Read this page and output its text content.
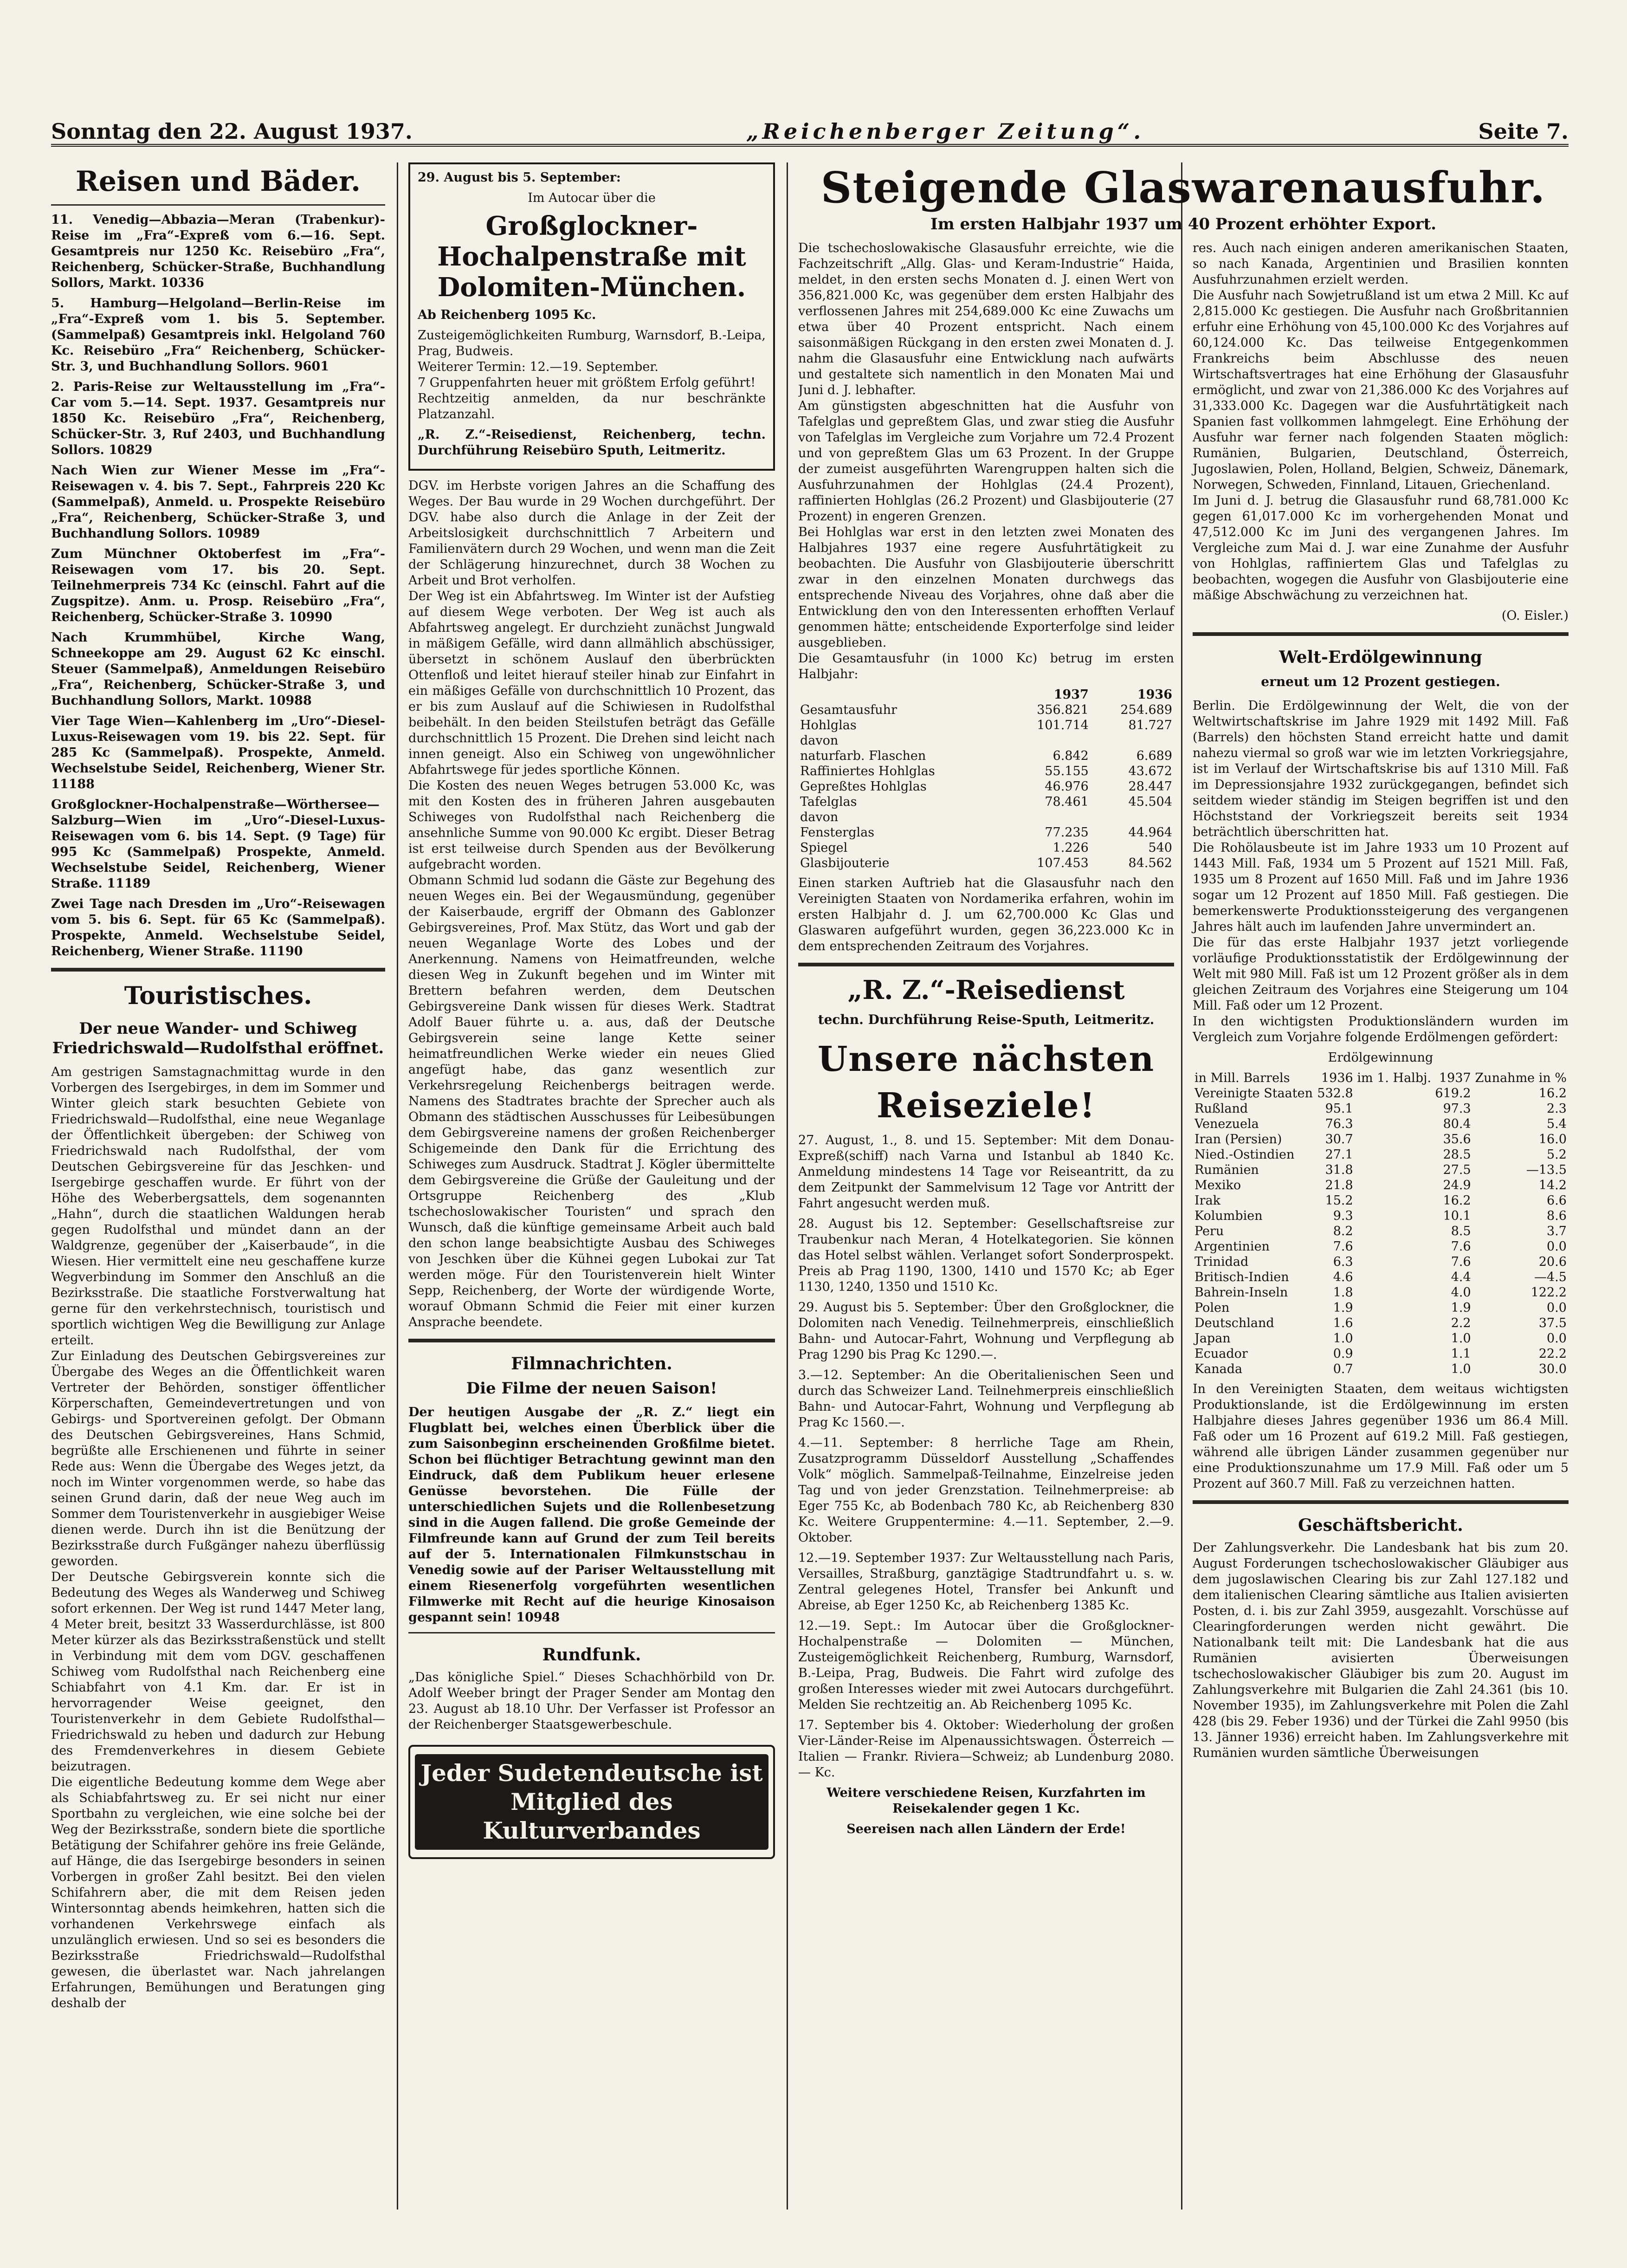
Sonntag den 22. August 1937.	„Reichenberger Zeitung“.	Seite 7.
Reisen und Bäder.

11. Venedig—Abbazia—Meran (Trabenkur)-Reise im „Fra“-Expreß vom 6.—16. Sept. Gesamtpreis nur 1250 Kc. Reisebüro „Fra“, Reichenberg, Schücker-Straße, Buchhandlung Sollors, Markt. 10336

5. Hamburg—Helgoland—Berlin-Reise im „Fra“-Expreß vom 1. bis 5. September. (Sammelpaß) Gesamtpreis inkl. Helgoland 760 Kc. Reisebüro „Fra“ Reichenberg, Schücker-Str. 3, und Buchhandlung Sollors. 9601

2. Paris-Reise zur Weltausstellung im „Fra“-Car vom 5.—14. Sept. 1937. Gesamtpreis nur 1850 Kc. Reisebüro „Fra“, Reichenberg, Schücker-Str. 3, Ruf 2403, und Buchhandlung Sollors. 10829

Nach Wien zur Wiener Messe im „Fra“-Reisewagen v. 4. bis 7. Sept., Fahrpreis 220 Kc (Sammelpaß), Anmeld. u. Prospekte Reisebüro „Fra“, Reichenberg, Schücker-Straße 3, und Buchhandlung Sollors. 10989

Zum Münchner Oktoberfest im „Fra“-Reisewagen vom 17. bis 20. Sept. Teilnehmerpreis 734 Kc (einschl. Fahrt auf die Zugspitze). Anm. u. Prosp. Reisebüro „Fra“, Reichenberg, Schücker-Straße 3. 10990

Nach Krummhübel, Kirche Wang, Schneekoppe am 29. August 62 Kc einschl. Steuer (Sammelpaß), Anmeldungen Reisebüro „Fra“, Reichenberg, Schücker-Straße 3, und Buchhandlung Sollors, Markt. 10988

Vier Tage Wien—Kahlenberg im „Uro“-Diesel-Luxus-Reisewagen vom 19. bis 22. Sept. für 285 Kc (Sammelpaß). Prospekte, Anmeld. Wechselstube Seidel, Reichenberg, Wiener Str. 11188

Großglockner-Hochalpenstraße—Wörthersee—Salzburg—Wien im „Uro“-Diesel-Luxus-Reisewagen vom 6. bis 14. Sept. (9 Tage) für 995 Kc (Sammelpaß) Prospekte, Anmeld. Wechselstube Seidel, Reichenberg, Wiener Straße. 11189

Zwei Tage nach Dresden im „Uro“-Reisewagen vom 5. bis 6. Sept. für 65 Kc (Sammelpaß). Prospekte, Anmeld. Wechselstube Seidel, Reichenberg, Wiener Straße. 11190

Touristisches.
Der neue Wander- und Schiweg Friedrichswald—Rudolfsthal eröffnet.

Am gestrigen Samstagnachmittag wurde in den Vorbergen des Isergebirges, in dem im Sommer und Winter gleich stark besuchten Gebiete von Friedrichswald—Rudolfsthal, eine neue Weganlage der Öffentlichkeit übergeben: der Schiweg von Friedrichswald nach Rudolfsthal, der vom Deutschen Gebirgsvereine für das Jeschken- und Isergebirge geschaffen wurde. Er führt von der Höhe des Weberbergsattels, dem sogenannten „Hahn“, durch die staatlichen Waldungen herab gegen Rudolfsthal und mündet dann an der Waldgrenze, gegenüber der „Kaiserbaude“, in die Wiesen. Hier vermittelt eine neu geschaffene kurze Wegverbindung im Sommer den Anschluß an die Bezirksstraße. Die staatliche Forstverwaltung hat gerne für den verkehrstechnisch, touristisch und sportlich wichtigen Weg die Bewilligung zur Anlage erteilt.
Zur Einladung des Deutschen Gebirgsvereines zur Übergabe des Weges an die Öffentlichkeit waren Vertreter der Behörden, sonstiger öffentlicher Körperschaften, Gemeindevertretungen und von Gebirgs- und Sportvereinen gefolgt. Der Obmann des Deutschen Gebirgsvereines, Hans Schmid, begrüßte alle Erschienenen und führte in seiner Rede aus: Wenn die Übergabe des Weges jetzt, da noch im Winter vorgenommen werde, so habe das seinen Grund darin, daß der neue Weg auch im Sommer dem Touristenverkehr in ausgiebiger Weise dienen werde. Durch ihn ist die Benützung der Bezirksstraße durch Fußgänger nahezu überflüssig geworden.
Der Deutsche Gebirgsverein konnte sich die Bedeutung des Weges als Wanderweg und Schiweg sofort erkennen. Der Weg ist rund 1447 Meter lang, 4 Meter breit, besitzt 33 Wasserdurchlässe, ist 800 Meter kürzer als das Bezirksstraßenstück und stellt in Verbindung mit dem vom DGV. geschaffenen Schiweg vom Rudolfsthal nach Reichenberg eine Schiabfahrt von 4.1 Km. dar. Er ist in hervorragender Weise geeignet, den Touristenverkehr in dem Gebiete Rudolfsthal—Friedrichswald zu heben und dadurch zur Hebung des Fremdenverkehres in diesem Gebiete beizutragen.
Die eigentliche Bedeutung komme dem Wege aber als Schiabfahrtsweg zu. Er sei nicht nur einer Sportbahn zu vergleichen, wie eine solche bei der Weg der Bezirksstraße, sondern biete die sportliche Betätigung der Schifahrer gehöre ins freie Gelände, auf Hänge, die das Isergebirge besonders in seinen Vorbergen in großer Zahl besitzt. Bei den vielen Schifahrern aber, die mit dem Reisen jeden Wintersonntag abends heimkehren, hatten sich die vorhandenen Verkehrswege einfach als unzulänglich erwiesen. Und so sei es besonders die Bezirksstraße Friedrichswald—Rudolfsthal gewesen, die überlastet war. Nach jahrelangen Erfahrungen, Bemühungen und Beratungen ging deshalb der

29. August bis 5. September:
Im Autocar über die
Großglockner-Hochalpenstraße mit Dolomiten-München.
Ab Reichenberg 1095 Kc.

Zusteigemöglichkeiten Rumburg, Warnsdorf, B.-Leipa, Prag, Budweis.
Weiterer Termin: 12.—19. September.
7 Gruppenfahrten heuer mit größtem Erfolg geführt!
Rechtzeitig anmelden, da nur beschränkte Platzanzahl.

„R. Z.“-Reisedienst, Reichenberg, techn. Durchführung Reisebüro Sputh, Leitmeritz.

DGV. im Herbste vorigen Jahres an die Schaffung des Weges. Der Bau wurde in 29 Wochen durchgeführt. Der DGV. habe also durch die Anlage in der Zeit der Arbeitslosigkeit durchschnittlich 7 Arbeitern und Familienvätern durch 29 Wochen, und wenn man die Zeit der Schlägerung hinzurechnet, durch 38 Wochen zu Arbeit und Brot verholfen.
Der Weg ist ein Abfahrtsweg. Im Winter ist der Aufstieg auf diesem Wege verboten. Der Weg ist auch als Abfahrtsweg angelegt. Er durchzieht zunächst Jungwald in mäßigem Gefälle, wird dann allmählich abschüssiger, übersetzt in schönem Auslauf den überbrückten Ottenfloß und leitet hierauf steiler hinab zur Einfahrt in ein mäßiges Gefälle von durchschnittlich 10 Prozent, das er bis zum Auslauf auf die Schiwiesen in Rudolfsthal beibehält. In den beiden Steilstufen beträgt das Gefälle durchschnittlich 15 Prozent. Die Drehen sind leicht nach innen geneigt. Also ein Schiweg von ungewöhnlicher Abfahrtswege für jedes sportliche Können.
Die Kosten des neuen Weges betrugen 53.000 Kc, was mit den Kosten des in früheren Jahren ausgebauten Schiweges von Rudolfsthal nach Reichenberg die ansehnliche Summe von 90.000 Kc ergibt. Dieser Betrag ist erst teilweise durch Spenden aus der Bevölkerung aufgebracht worden.
Obmann Schmid lud sodann die Gäste zur Begehung des neuen Weges ein. Bei der Wegausmündung, gegenüber der Kaiserbaude, ergriff der Obmann des Gablonzer Gebirgsvereines, Prof. Max Stütz, das Wort und gab der neuen Weganlage Worte des Lobes und der Anerkennung. Namens von Heimatfreunden, welche diesen Weg in Zukunft begehen und im Winter mit Brettern befahren werden, dem Deutschen Gebirgsvereine Dank wissen für dieses Werk. Stadtrat Adolf Bauer führte u. a. aus, daß der Deutsche Gebirgsverein seine lange Kette seiner heimatfreundlichen Werke wieder ein neues Glied angefügt habe, das ganz wesentlich zur Verkehrsregelung Reichenbergs beitragen werde. Namens des Stadtrates brachte der Sprecher auch als Obmann des städtischen Ausschusses für Leibesübungen dem Gebirgsvereine namens der großen Reichenberger Schigemeinde den Dank für die Errichtung des Schiweges zum Ausdruck. Stadtrat J. Kögler übermittelte dem Gebirgsvereine die Grüße der Gauleitung und der Ortsgruppe Reichenberg des „Klub tschechoslowakischer Touristen“ und sprach den Wunsch, daß die künftige gemeinsame Arbeit auch bald den schon lange beabsichtigte Ausbau des Schiweges von Jeschken über die Kühnei gegen Lubokai zur Tat werden möge. Für den Touristenverein hielt Winter Sepp, Reichenberg, der Worte der würdigende Worte, worauf Obmann Schmid die Feier mit einer kurzen Ansprache beendete.

Filmnachrichten.
Die Filme der neuen Saison!

Der heutigen Ausgabe der „R. Z.“ liegt ein Flugblatt bei, welches einen Überblick über die zum Saisonbeginn erscheinenden Großfilme bietet. Schon bei flüchtiger Betrachtung gewinnt man den Eindruck, daß dem Publikum heuer erlesene Genüsse bevorstehen. Die Fülle der unterschiedlichen Sujets und die Rollenbesetzung sind in die Augen fallend. Die große Gemeinde der Filmfreunde kann auf Grund der zum Teil bereits auf der 5. Internationalen Filmkunstschau in Venedig sowie auf der Pariser Weltausstellung mit einem Riesenerfolg vorgeführten wesentlichen Filmwerke mit Recht auf die heurige Kinosaison gespannt sein! 10948

Rundfunk.

„Das königliche Spiel.“ Dieses Schachhörbild von Dr. Adolf Weeber bringt der Prager Sender am Montag den 23. August ab 18.10 Uhr. Der Verfasser ist Professor an der Reichenberger Staatsgewerbeschule.

Jeder Sudetendeutsche ist Mitglied des Kulturverbandes
Steigende Glaswarenausfuhr.
Im ersten Halbjahr 1937 um 40 Prozent erhöhter Export.

Die tschechoslowakische Glasausfuhr erreichte, wie die Fachzeitschrift „Allg. Glas- und Keram-Industrie“ Haida, meldet, in den ersten sechs Monaten d. J. einen Wert von 356,821.000 Kc, was gegenüber dem ersten Halbjahr des verflossenen Jahres mit 254,689.000 Kc eine Zuwachs um etwa über 40 Prozent entspricht. Nach einem saisonmäßigen Rückgang in den ersten zwei Monaten d. J. nahm die Glasausfuhr eine Entwicklung nach aufwärts und gestaltete sich namentlich in den Monaten Mai und Juni d. J. lebhafter.
Am günstigsten abgeschnitten hat die Ausfuhr von Tafelglas und gepreßtem Glas, und zwar stieg die Ausfuhr von Tafelglas im Vergleiche zum Vorjahre um 72.4 Prozent und von gepreßtem Glas um 63 Prozent. In der Gruppe der zumeist ausgeführten Warengruppen halten sich die Ausfuhrzunahmen der Hohlglas (24.4 Prozent), raffinierten Hohlglas (26.2 Prozent) und Glasbijouterie (27 Prozent) in engeren Grenzen.
Bei Hohlglas war erst in den letzten zwei Monaten des Halbjahres 1937 eine regere Ausfuhrtätigkeit zu beobachten. Die Ausfuhr von Glasbijouterie überschritt zwar in den einzelnen Monaten durchwegs das entsprechende Niveau des Vorjahres, ohne daß aber die Entwicklung den von den Interessenten erhofften Verlauf genommen hätte; entscheidende Exporterfolge sind leider ausgeblieben.
Die Gesamtausfuhr (in 1000 Kc) betrug im ersten Halbjahr:

	1937	1936
Gesamtausfuhr	356.821	254.689
Hohlglas	101.714	81.727
davon		
naturfarb. Flaschen	6.842	6.689
Raffiniertes Hohlglas	55.155	43.672
Gepreßtes Hohlglas	46.976	28.447
Tafelglas	78.461	45.504
davon		
Fensterglas	77.235	44.964
Spiegel	1.226	540
Glasbijouterie	107.453	84.562

Einen starken Auftrieb hat die Glasausfuhr nach den Vereinigten Staaten von Nordamerika erfahren, wohin im ersten Halbjahr d. J. um 62,700.000 Kc Glas und Glaswaren aufgeführt wurden, gegen 36,223.000 Kc in dem entsprechenden Zeitraum des Vorjahres.

„R. Z.“-Reisedienst
techn. Durchführung Reise-Sputh, Leitmeritz.
Unsere nächsten Reiseziele!

27. August, 1., 8. und 15. September: Mit dem Donau-Expreß(schiff) nach Varna und Istanbul ab 1840 Kc. Anmeldung mindestens 14 Tage vor Reiseantritt, da zu dem Zeitpunkt der Sammelvisum 12 Tage vor Antritt der Fahrt angesucht werden muß.

28. August bis 12. September: Gesellschaftsreise zur Traubenkur nach Meran, 4 Hotelkategorien. Sie können das Hotel selbst wählen. Verlanget sofort Sonderprospekt. Preis ab Prag 1190, 1300, 1410 und 1570 Kc; ab Eger 1130, 1240, 1350 und 1510 Kc.

29. August bis 5. September: Über den Großglockner, die Dolomiten nach Venedig. Teilnehmerpreis, einschließlich Bahn- und Autocar-Fahrt, Wohnung und Verpflegung ab Prag 1290 bis Prag Kc 1290.—.

3.—12. September: An die Oberitalienischen Seen und durch das Schweizer Land. Teilnehmerpreis einschließlich Bahn- und Autocar-Fahrt, Wohnung und Verpflegung ab Prag Kc 1560.—.

4.—11. September: 8 herrliche Tage am Rhein, Zusatzprogramm Düsseldorf Ausstellung „Schaffendes Volk“ möglich. Sammelpaß-Teilnahme, Einzelreise jeden Tag und von jeder Grenzstation. Teilnehmerpreise: ab Eger 755 Kc, ab Bodenbach 780 Kc, ab Reichenberg 830 Kc. Weitere Gruppentermine: 4.—11. September, 2.—9. Oktober.

12.—19. September 1937: Zur Weltausstellung nach Paris, Versailles, Straßburg, ganztägige Stadtrundfahrt u. s. w. Zentral gelegenes Hotel, Transfer bei Ankunft und Abreise, ab Eger 1250 Kc, ab Reichenberg 1385 Kc.

12.—19. Sept.: Im Autocar über die Großglockner-Hochalpenstraße — Dolomiten — München, Zusteigemöglichkeit Reichenberg, Rumburg, Warnsdorf, B.-Leipa, Prag, Budweis. Die Fahrt wird zufolge des großen Interesses wieder mit zwei Autocars durchgeführt. Melden Sie rechtzeitig an. Ab Reichenberg 1095 Kc.

17. September bis 4. Oktober: Wiederholung der großen Vier-Länder-Reise im Alpenaussichtswagen. Österreich — Italien — Frankr. Riviera—Schweiz; ab Lundenburg 2080.— Kc.

Weitere verschiedene Reisen, Kurzfahrten im Reisekalender gegen 1 Kc.

Seereisen nach allen Ländern der Erde!

res. Auch nach einigen anderen amerikanischen Staaten, so nach Kanada, Argentinien und Brasilien konnten Ausfuhrzunahmen erzielt werden.
Die Ausfuhr nach Sowjetrußland ist um etwa 2 Mill. Kc auf 2,815.000 Kc gestiegen. Die Ausfuhr nach Großbritannien erfuhr eine Erhöhung von 45,100.000 Kc des Vorjahres auf 60,124.000 Kc. Das teilweise Entgegenkommen Frankreichs beim Abschlusse des neuen Wirtschaftsvertrages hat eine Erhöhung der Glasausfuhr ermöglicht, und zwar von 21,386.000 Kc des Vorjahres auf 31,333.000 Kc. Dagegen war die Ausfuhrtätigkeit nach Spanien fast vollkommen lahmgelegt. Eine Erhöhung der Ausfuhr war ferner nach folgenden Staaten möglich: Rumänien, Bulgarien, Deutschland, Österreich, Jugoslawien, Polen, Holland, Belgien, Schweiz, Dänemark, Norwegen, Schweden, Finnland, Litauen, Griechenland.
Im Juni d. J. betrug die Glasausfuhr rund 68,781.000 Kc gegen 61,017.000 Kc im vorhergehenden Monat und 47,512.000 Kc im Juni des vergangenen Jahres. Im Vergleiche zum Mai d. J. war eine Zunahme der Ausfuhr von Hohlglas, raffiniertem Glas und Tafelglas zu beobachten, wogegen die Ausfuhr von Glasbijouterie eine mäßige Abschwächung zu verzeichnen hat.

(O. Eisler.)

Welt-Erdölgewinnung
erneut um 12 Prozent gestiegen.

Berlin. Die Erdölgewinnung der Welt, die von der Weltwirtschaftskrise im Jahre 1929 mit 1492 Mill. Faß (Barrels) den höchsten Stand erreicht hatte und damit nahezu viermal so groß war wie im letzten Vorkriegsjahre, ist im Verlauf der Wirtschaftskrise bis auf 1310 Mill. Faß im Depressionsjahre 1932 zurückgegangen, befindet sich seitdem wieder ständig im Steigen begriffen ist und den Höchststand der Vorkriegszeit bereits seit 1934 beträchtlich überschritten hat.
Die Rohölausbeute ist im Jahre 1933 um 10 Prozent auf 1443 Mill. Faß, 1934 um 5 Prozent auf 1521 Mill. Faß, 1935 um 8 Prozent auf 1650 Mill. Faß und im Jahre 1936 sogar um 12 Prozent auf 1850 Mill. Faß gestiegen. Die bemerkenswerte Produktionssteigerung des vergangenen Jahres hält auch im laufenden Jahre unvermindert an.
Die für das erste Halbjahr 1937 jetzt vorliegende vorläufige Produktionsstatistik der Erdölgewinnung der Welt mit 980 Mill. Faß ist um 12 Prozent größer als in dem gleichen Zeitraum des Vorjahres eine Steigerung um 104 Mill. Faß oder um 12 Prozent.
In den wichtigsten Produktionsländern wurden im Vergleich zum Vorjahre folgende Erdölmengen gefördert:

Erdölgewinnung
in Mill. Barrels	1936	im 1. Halbj.	1937	Zunahme in %
Vereinigte Staaten	532.8		619.2	16.2
Rußland	95.1		97.3	2.3
Venezuela	76.3		80.4	5.4
Iran (Persien)	30.7		35.6	16.0
Nied.-Ostindien	27.1		28.5	5.2
Rumänien	31.8		27.5	—13.5
Mexiko	21.8		24.9	14.2
Irak	15.2		16.2	6.6
Kolumbien	9.3		10.1	8.6
Peru	8.2		8.5	3.7
Argentinien	7.6		7.6	0.0
Trinidad	6.3		7.6	20.6
Britisch-Indien	4.6		4.4	—4.5
Bahrein-Inseln	1.8		4.0	122.2
Polen	1.9		1.9	0.0
Deutschland	1.6		2.2	37.5
Japan	1.0		1.0	0.0
Ecuador	0.9		1.1	22.2
Kanada	0.7		1.0	30.0

In den Vereinigten Staaten, dem weitaus wichtigsten Produktionslande, ist die Erdölgewinnung im ersten Halbjahre dieses Jahres gegenüber 1936 um 86.4 Mill. Faß oder um 16 Prozent auf 619.2 Mill. Faß gestiegen, während alle übrigen Länder zusammen gegenüber nur eine Produktionszunahme um 17.9 Mill. Faß oder um 5 Prozent auf 360.7 Mill. Faß zu verzeichnen hatten.

Geschäftsbericht.

Der Zahlungsverkehr. Die Landesbank hat bis zum 20. August Forderungen tschechoslowakischer Gläubiger aus dem jugoslawischen Clearing bis zur Zahl 127.182 und dem italienischen Clearing sämtliche aus Italien avisierten Posten, d. i. bis zur Zahl 3959, ausgezahlt. Vorschüsse auf Clearingforderungen werden nicht gewährt. Die Nationalbank teilt mit: Die Landesbank hat die aus Rumänien avisierten Überweisungen tschechoslowakischer Gläubiger bis zum 20. August im Zahlungsverkehre mit Bulgarien die Zahl 24.361 (bis 10. November 1935), im Zahlungsverkehre mit Polen die Zahl 428 (bis 29. Feber 1936) und der Türkei die Zahl 9950 (bis 13. Jänner 1936) erreicht haben. Im Zahlungsverkehre mit Rumänien wurden sämtliche Überweisungen
